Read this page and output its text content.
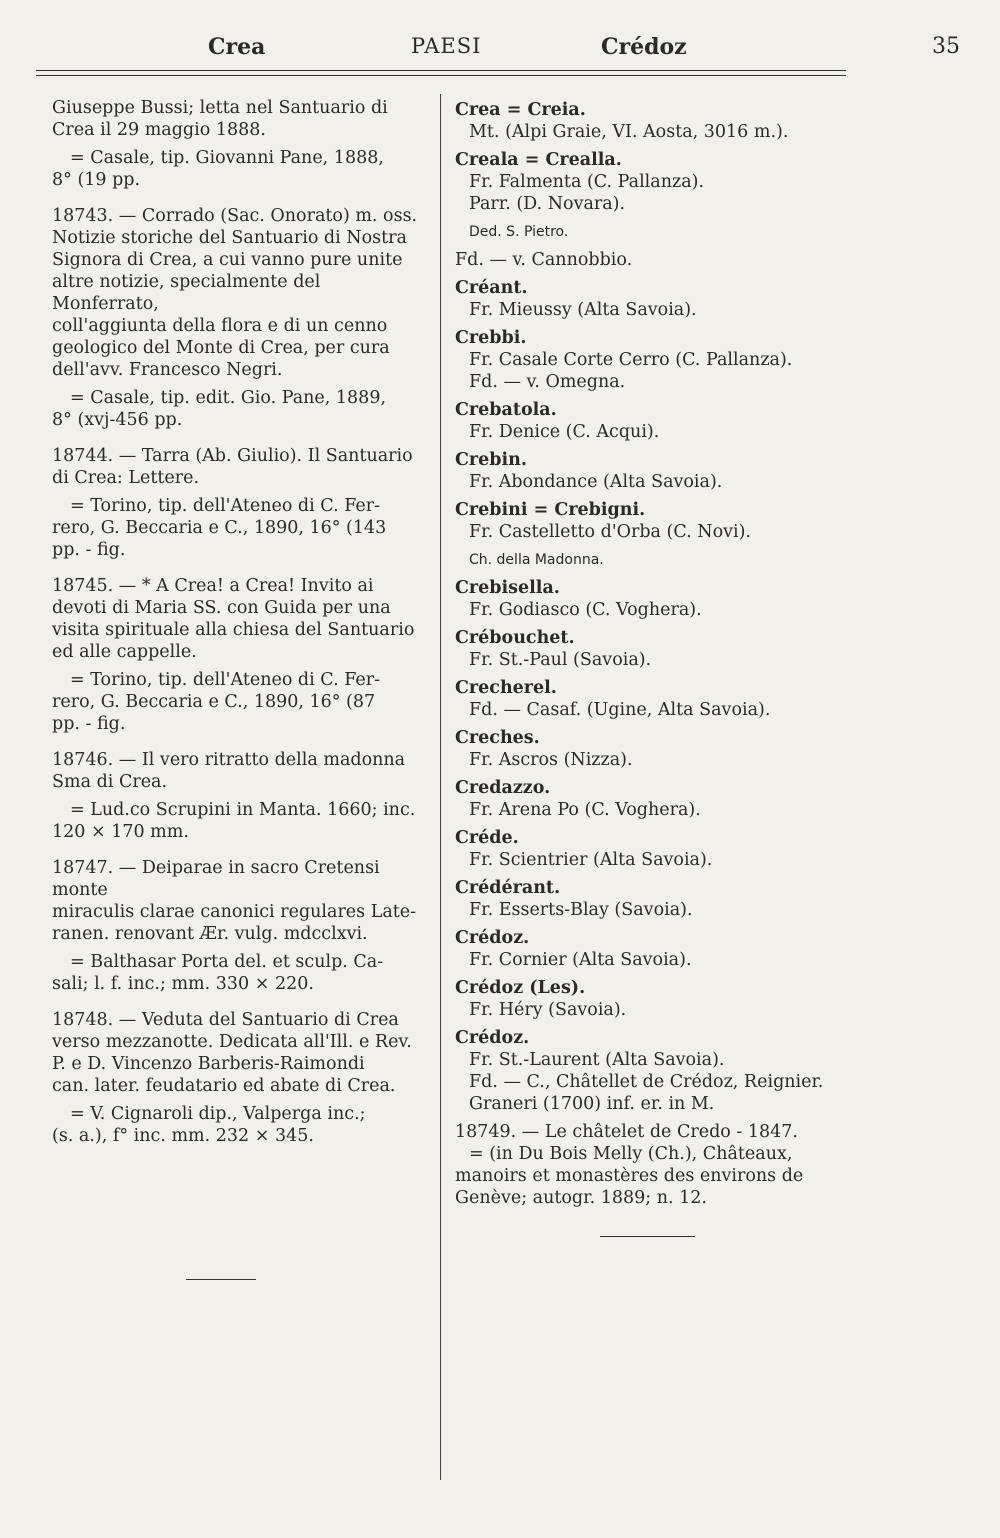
Crea	PAESI	Crédoz	35
Giuseppe Bussi; letta nel Santuario di
Crea il 29 maggio 1888.
= Casale, tip. Giovanni Pane, 1888,
8° (19 pp.
18743. — Corrado (Sac. Onorato) m. oss.
Notizie storiche del Santuario di Nostra
Signora di Crea, a cui vanno pure unite
altre notizie, specialmente del Monferrato,
coll'aggiunta della flora e di un cenno
geologico del Monte di Crea, per cura
dell'avv. Francesco Negri.
= Casale, tip. edit. Gio. Pane, 1889,
8° (xvj-456 pp.
18744. — Tarra (Ab. Giulio). Il Santuario
di Crea: Lettere.
= Torino, tip. dell'Ateneo di C. Fer-
rero, G. Beccaria e C., 1890, 16° (143
pp. - fig.
18745. — * A Crea! a Crea! Invito ai
devoti di Maria SS. con Guida per una
visita spirituale alla chiesa del Santuario
ed alle cappelle.
= Torino, tip. dell'Ateneo di C. Fer-
rero, G. Beccaria e C., 1890, 16° (87
pp. - fig.
18746. — Il vero ritratto della madonna
Sma di Crea.
= Lud.co Scrupini in Manta. 1660; inc.
120 × 170 mm.
18747. — Deiparae in sacro Cretensi monte
miraculis clarae canonici regulares Late-
ranen. renovant Ær. vulg. mdcclxvi.
= Balthasar Porta del. et sculp. Ca-
sali; l. f. inc.; mm. 330 × 220.
18748. — Veduta del Santuario di Crea
verso mezzanotte. Dedicata all'Ill. e Rev.
P. e D. Vincenzo Barberis-Raimondi
can. later. feudatario ed abate di Crea.
= V. Cignaroli dip., Valperga inc.;
(s. a.), f° inc. mm. 232 × 345.
Crea = Creia.
Mt. (Alpi Graie, VI. Aosta, 3016 m.).
Creala = Crealla.
Fr. Falmenta (C. Pallanza).
Parr. (D. Novara).
Ded. S. Pietro.
Fd. — v. Cannobbio.
Créant.
Fr. Mieussy (Alta Savoia).
Crebbi.
Fr. Casale Corte Cerro (C. Pallanza).
Fd. — v. Omegna.
Crebatola.
Fr. Denice (C. Acqui).
Crebin.
Fr. Abondance (Alta Savoia).
Crebini = Crebigni.
Fr. Castelletto d'Orba (C. Novi).
Ch. della Madonna.
Crebisella.
Fr. Godiasco (C. Voghera).
Crébouchet.
Fr. St.-Paul (Savoia).
Crecherel.
Fd. — Casaf. (Ugine, Alta Savoia).
Creches.
Fr. Ascros (Nizza).
Credazzo.
Fr. Arena Po (C. Voghera).
Créde.
Fr. Scientrier (Alta Savoia).
Crédérant.
Fr. Esserts-Blay (Savoia).
Crédoz.
Fr. Cornier (Alta Savoia).
Crédoz (Les).
Fr. Héry (Savoia).
Crédoz.
Fr. St.-Laurent (Alta Savoia).
Fd. — C., Châtellet de Crédoz, Reignier.
Graneri (1700) inf. er. in M.
18749. — Le châtelet de Credo - 1847.
= (in Du Bois Melly (Ch.), Châteaux,
manoirs et monastères des environs de
Genève; autogr. 1889; n. 12.
